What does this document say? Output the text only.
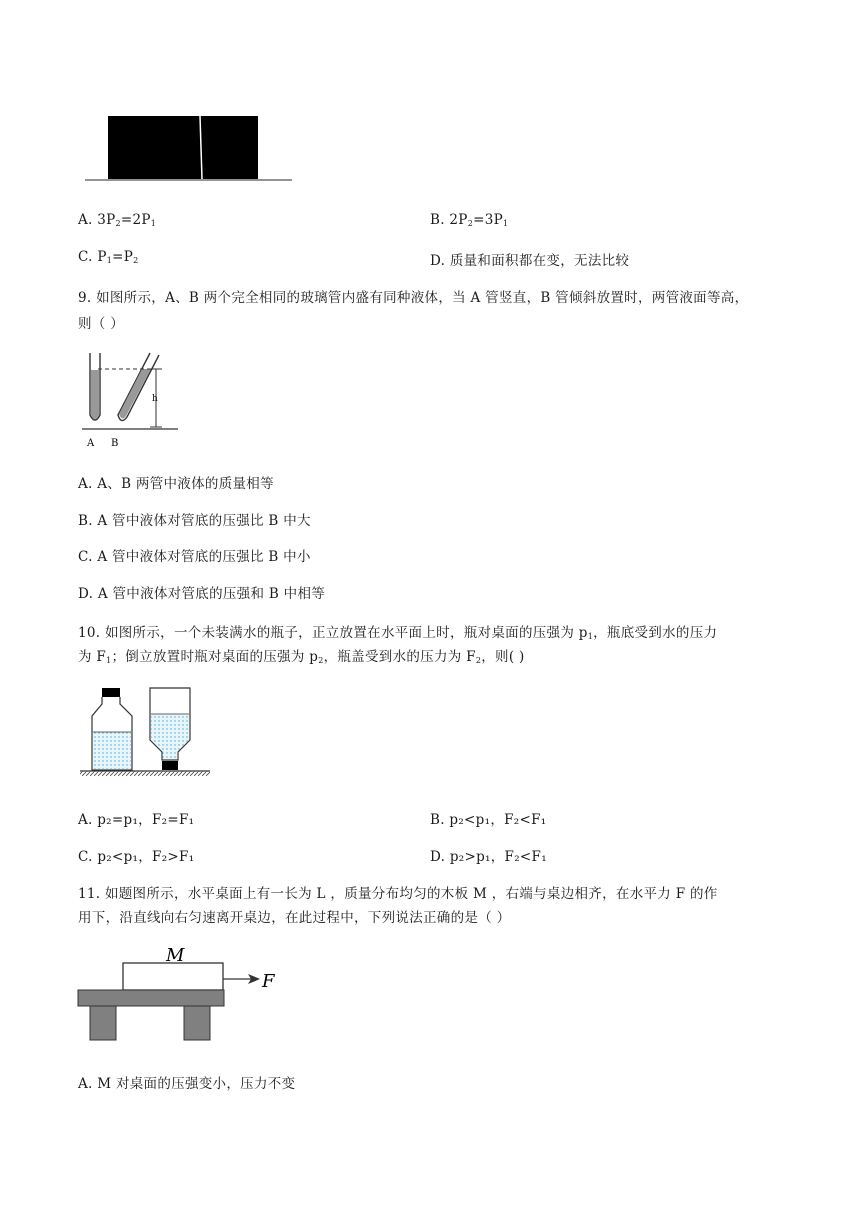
A. $3P_2=2P_1$	B. $2P_2=3P_1$
C. $P_1=P_2$	D. 质量和面积都在变，无法比较
9. 如图所示，A、B 两个完全相同的玻璃管内盛有同种液体，当 A 管竖直，B 管倾斜放置时，两管液面等高，
则（ ）
h
A B
A. A、B 两管中液体的质量相等
B. A 管中液体对管底的压强比 B 中大
C. A 管中液体对管底的压强比 B 中小
D. A 管中液体对管底的压强和 B 中相等
10. 如图所示，一个未装满水的瓶子，正立放置在水平面上时，瓶对桌面的压强为 $p_1$，瓶底受到水的压力
为 $F_1$；倒立放置时瓶对桌面的压强为 $p_2$，瓶盖受到水的压力为 $F_2$，则( )
A. p₂=p₁，F₂=F₁	B. p₂<p₁，F₂<F₁
C. p₂<p₁，F₂>F₁	D. p₂>p₁，F₂<F₁
11. 如题图所示，水平桌面上有一长为 L ，质量分布均匀的木板 M ，右端与桌边相齐，在水平力 F 的作
用下，沿直线向右匀速离开桌边，在此过程中，下列说法正确的是（ ）
M
F
A. M 对桌面的压强变小，压力不变
